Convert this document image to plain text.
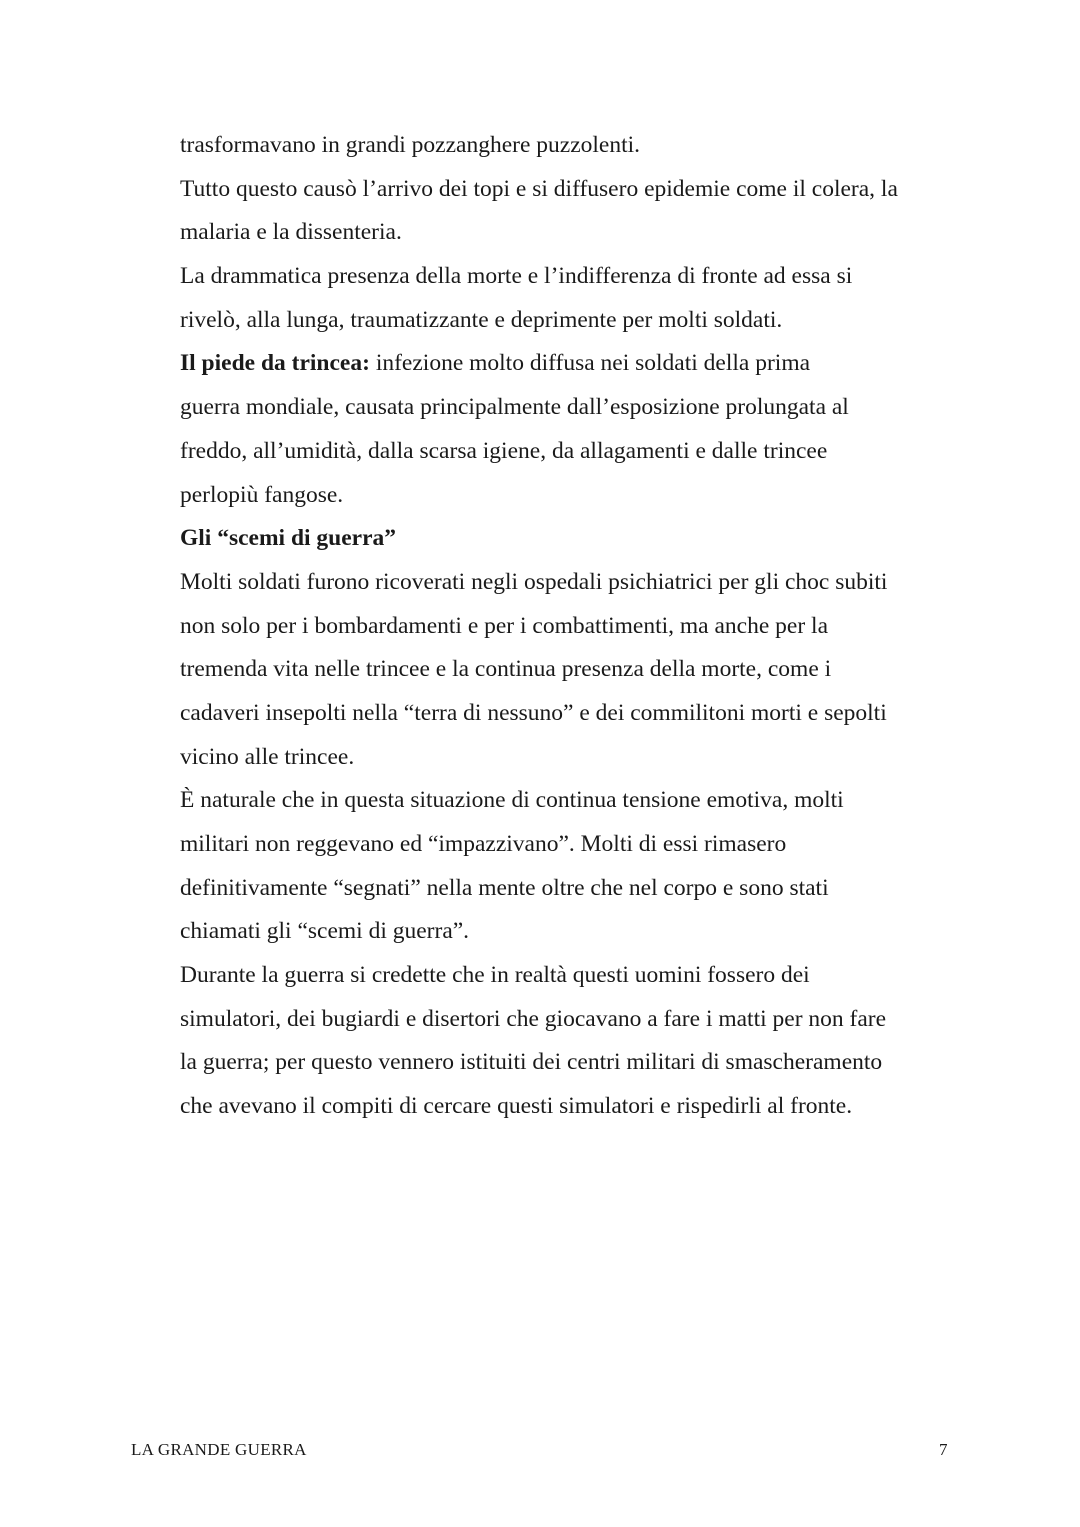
trasformavano in grandi pozzanghere puzzolenti.
Tutto questo causò l’arrivo dei topi e si diffusero epidemie come il colera, la
malaria e la dissenteria.
La drammatica presenza della morte e l’indifferenza di fronte ad essa si
rivelò, alla lunga, traumatizzante e deprimente per molti soldati.
Il piede da trincea: infezione molto diffusa nei soldati della prima
guerra mondiale, causata principalmente dall’esposizione prolungata al
freddo, all’umidità, dalla scarsa igiene, da allagamenti e dalle trincee
perlopiù fangose.
Gli “scemi di guerra”
Molti soldati furono ricoverati negli ospedali psichiatrici per gli choc subiti
non solo per i bombardamenti e per i combattimenti, ma anche per la
tremenda vita nelle trincee e la continua presenza della morte, come i
cadaveri insepolti nella “terra di nessuno” e dei commilitoni morti e sepolti
vicino alle trincee.
È naturale che in questa situazione di continua tensione emotiva, molti
militari non reggevano ed “impazzivano”. Molti di essi rimasero
definitivamente “segnati” nella mente oltre che nel corpo e sono stati
chiamati gli “scemi di guerra”.
Durante la guerra si credette che in realtà questi uomini fossero dei
simulatori, dei bugiardi e disertori che giocavano a fare i matti per non fare
la guerra; per questo vennero istituiti dei centri militari di smascheramento
che avevano il compiti di cercare questi simulatori e rispedirli al fronte.
LA GRANDE GUERRA	7
